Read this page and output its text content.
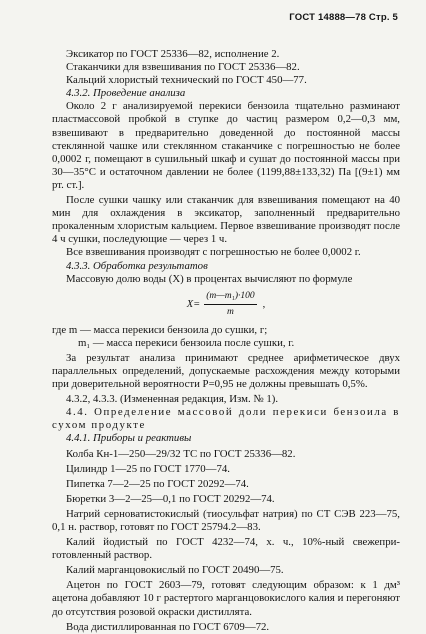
ГОСТ 14888—78 Стр. 5

Эксикатор по ГОСТ 25336—82, исполнение 2.

Стаканчики для взвешивания по ГОСТ 25336—82.

Кальций хлористый технический по ГОСТ 450—77.

4.3.2. Проведение анализа

Около 2 г анализируемой перекиси бензоила тщательно разминают пластмассовой пробкой в ступке до частиц размером 0,2—0,3 мм, взвешивают в предварительно доведенной до постоянной массы стеклянной чашке или стеклянном стаканчике с погрешностью не более 0,0002 г, помещают в сушильный шкаф и сушат до постоянной массы при 30—35°С и остаточном давлении не более (1199,88±133,32) Па [(9±1) мм рт. ст.].

После сушки чашку или стаканчик для взвешивания помещают на 40 мин для охлаждения в эксикатор, заполненный предварительно прокаленным хлористым кальцием. Первое взвешивание производят после 4 ч сушки, последующие — через 1 ч.

Все взвешивания производят с погрешностью не более 0,0002 г.

4.3.3. Обработка результатов

Массовую долю воды (X) в процентах вычисляют по формуле

$X= \frac{\text{(m—m₁)·100}}{m}$ ,

где m — масса перекиси бензоила до сушки, г;

m₁ — масса перекиси бензоила после сушки, г.

За результат анализа принимают среднее арифметическое двух параллельных определений, допускаемые расхождения между которыми при доверительной вероятности P=0,95 не должны превышать 0,5%.

4.3.2, 4.3.3. (Измененная редакция, Изм. № 1).

4.4. Определение массовой доли перекиси бензоила в сухом продукте

4.4.1. Приборы и реактивы

Колба Кн-1—250—29/32 ТС по ГОСТ 25336—82.

Цилиндр 1—25 по ГОСТ 1770—74.

Пипетка 7—2—25 по ГОСТ 20292—74.

Бюретки 3—2—25—0,1 по ГОСТ 20292—74.

Натрий серноватистокислый (тиосульфат натрия) по СТ СЭВ 223—75, 0,1 н. раствор, готовят по ГОСТ 25794.2—83.

Калий йодистый по ГОСТ 4232—74, х. ч., 10%-ный свежеприготовленный раствор.

Калий марганцовокислый по ГОСТ 20490—75.

Ацетон по ГОСТ 2603—79, готовят следующим образом: к 1 дм³ ацетона добавляют 10 г растертого марганцовокислого калия и перегоняют до отсутствия розовой окраски дистиллята.

Вода дистиллированная по ГОСТ 6709—72.
